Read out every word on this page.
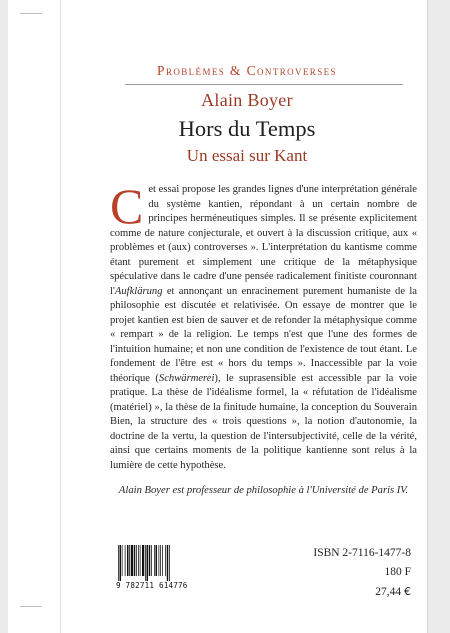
Problèmes & Controverses
Alain Boyer
Hors du Temps
Un essai sur Kant
Cet essai propose les grandes lignes d'une interprétation générale du système kantien, répondant à un certain nombre de principes herméneutiques simples. Il se présente explicitement comme de nature conjecturale, et ouvert à la discussion critique, aux « problèmes et (aux) controverses ». L'interprétation du kantisme comme étant purement et simplement une critique de la métaphysique spéculative dans le cadre d'une pensée radicalement finitiste couronnant l'Aufklärung et annonçant un enracinement purement humaniste de la philosophie est discutée et relativisée. On essaye de montrer que le projet kantien est bien de sauver et de refonder la métaphysique comme « rempart » de la religion. Le temps n'est que l'une des formes de l'intuition humaine; et non une condition de l'existence de tout étant. Le fondement de l'être est « hors du temps ». Inaccessible par la voie théorique (Schwärmerei), le suprasensible est accessible par la voie pratique. La thèse de l'idéalisme formel, la « réfutation de l'idéalisme (matériel) », la thèse de la finitude humaine, la conception du Souverain Bien, la structure des « trois questions », la notion d'autonomie, la doctrine de la vertu, la question de l'intersubjectivité, celle de la vérité, ainsi que certains moments de la politique kantienne sont relus à la lumière de cette hypothèse.
Alain Boyer est professeur de philosophie à l'Université de Paris IV.
9 782711 614776
ISBN 2-7116-1477-8
180 F
27,44 €
